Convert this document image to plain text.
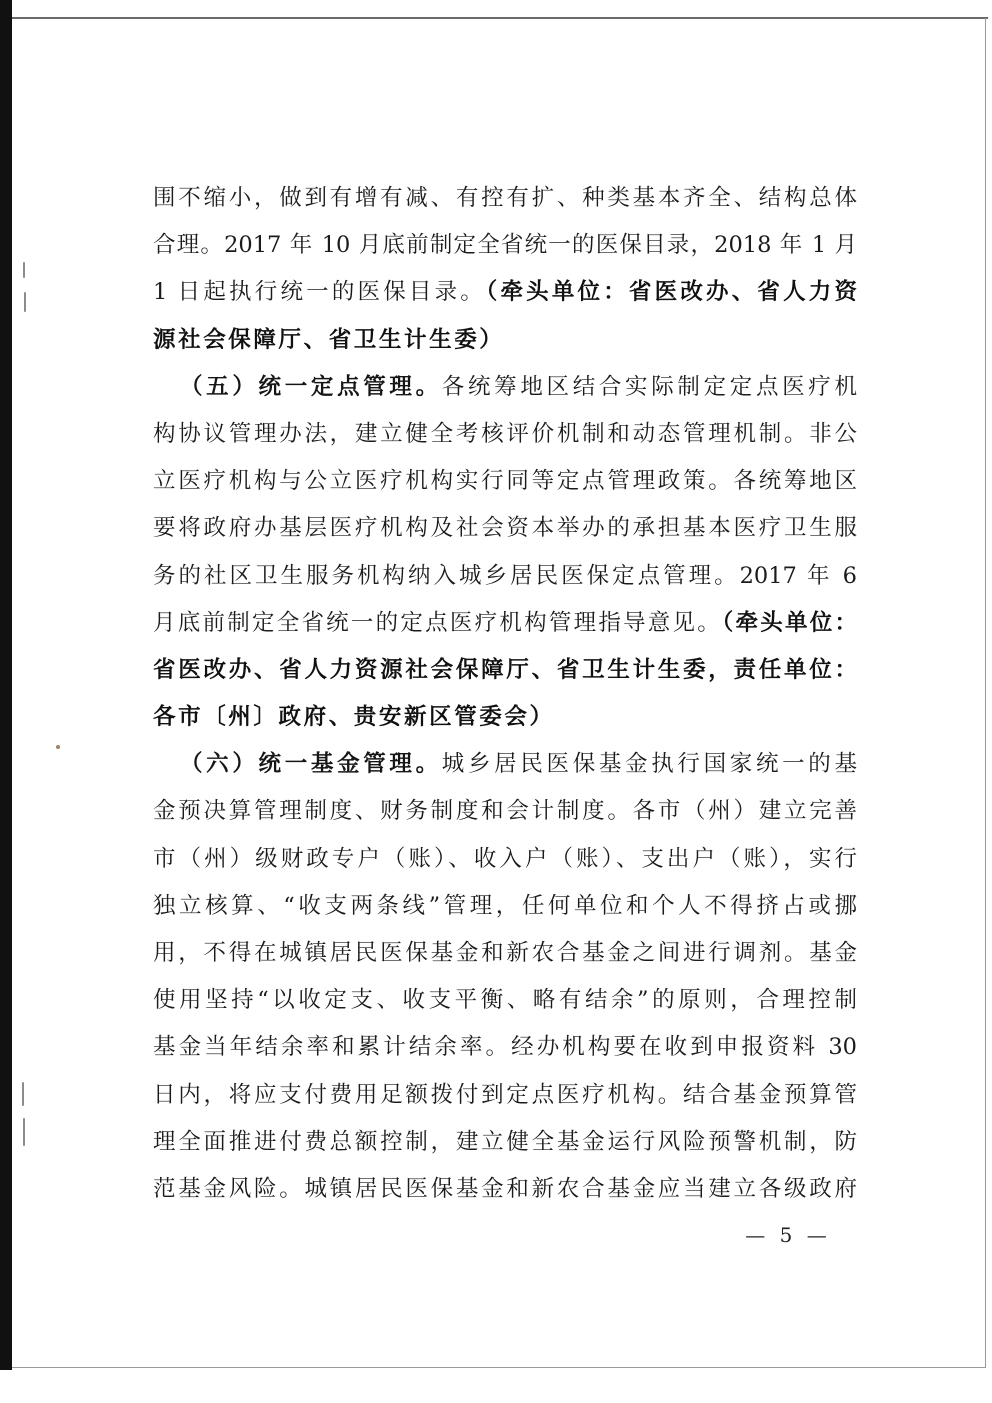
围不缩小，做到有增有减、有控有扩、种类基本齐全、结构总体
合理。2017 年 10 月底前制定全省统一的医保目录，2018 年 1 月
1 日起执行统一的医保目录。（牵头单位：省医改办、省人力资
源社会保障厅、省卫生计生委）
（五）统一定点管理。各统筹地区结合实际制定定点医疗机
构协议管理办法，建立健全考核评价机制和动态管理机制。非公
立医疗机构与公立医疗机构实行同等定点管理政策。各统筹地区
要将政府办基层医疗机构及社会资本举办的承担基本医疗卫生服
务的社区卫生服务机构纳入城乡居民医保定点管理。2017 年 6
月底前制定全省统一的定点医疗机构管理指导意见。（牵头单位：
省医改办、省人力资源社会保障厅、省卫生计生委，责任单位：
各市〔州〕政府、贵安新区管委会）
（六）统一基金管理。城乡居民医保基金执行国家统一的基
金预决算管理制度、财务制度和会计制度。各市（州）建立完善
市（州）级财政专户（账）、收入户（账）、支出户（账），实行
独立核算、“收支两条线”管理，任何单位和个人不得挤占或挪
用，不得在城镇居民医保基金和新农合基金之间进行调剂。基金
使用坚持“以收定支、收支平衡、略有结余”的原则，合理控制
基金当年结余率和累计结余率。经办机构要在收到申报资料 30
日内，将应支付费用足额拨付到定点医疗机构。结合基金预算管
理全面推进付费总额控制，建立健全基金运行风险预警机制，防
范基金风险。城镇居民医保基金和新农合基金应当建立各级政府
— 5 —
